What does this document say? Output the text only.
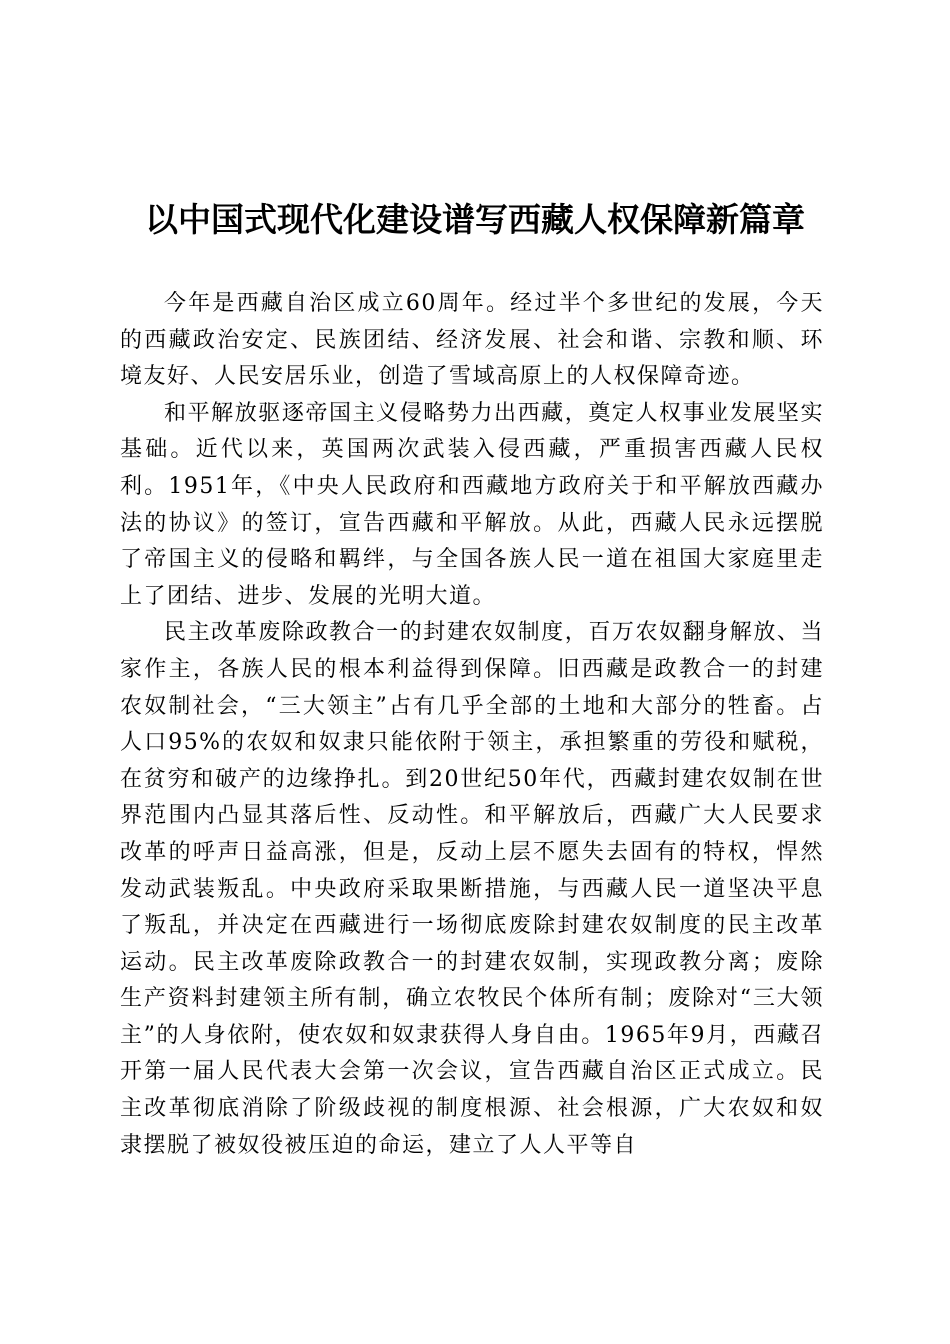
以中国式现代化建设谱写西藏人权保障新篇章

今年是西藏自治区成立60周年。经过半个多世纪的发展，今天的西藏政治安定、民族团结、经济发展、社会和谐、宗教和顺、环境友好、人民安居乐业，创造了雪域高原上的人权保障奇迹。

和平解放驱逐帝国主义侵略势力出西藏，奠定人权事业发展坚实基础。近代以来，英国两次武装入侵西藏，严重损害西藏人民权利。1951年，《中央人民政府和西藏地方政府关于和平解放西藏办法的协议》的签订，宣告西藏和平解放。从此，西藏人民永远摆脱了帝国主义的侵略和羁绊，与全国各族人民一道在祖国大家庭里走上了团结、进步、发展的光明大道。

民主改革废除政教合一的封建农奴制度，百万农奴翻身解放、当家作主，各族人民的根本利益得到保障。旧西藏是政教合一的封建农奴制社会，“三大领主”占有几乎全部的土地和大部分的牲畜。占人口95%的农奴和奴隶只能依附于领主，承担繁重的劳役和赋税，在贫穷和破产的边缘挣扎。到20世纪50年代，西藏封建农奴制在世界范围内凸显其落后性、反动性。和平解放后，西藏广大人民要求改革的呼声日益高涨，但是，反动上层不愿失去固有的特权，悍然发动武装叛乱。中央政府采取果断措施，与西藏人民一道坚决平息了叛乱，并决定在西藏进行一场彻底废除封建农奴制度的民主改革运动。民主改革废除政教合一的封建农奴制，实现政教分离；废除生产资料封建领主所有制，确立农牧民个体所有制；废除对“三大领主”的人身依附，使农奴和奴隶获得人身自由。1965年9月，西藏召开第一届人民代表大会第一次会议，宣告西藏自治区正式成立。民主改革彻底消除了阶级歧视的制度根源、社会根源，广大农奴和奴隶摆脱了被奴役被压迫的命运，建立了人人平等自
